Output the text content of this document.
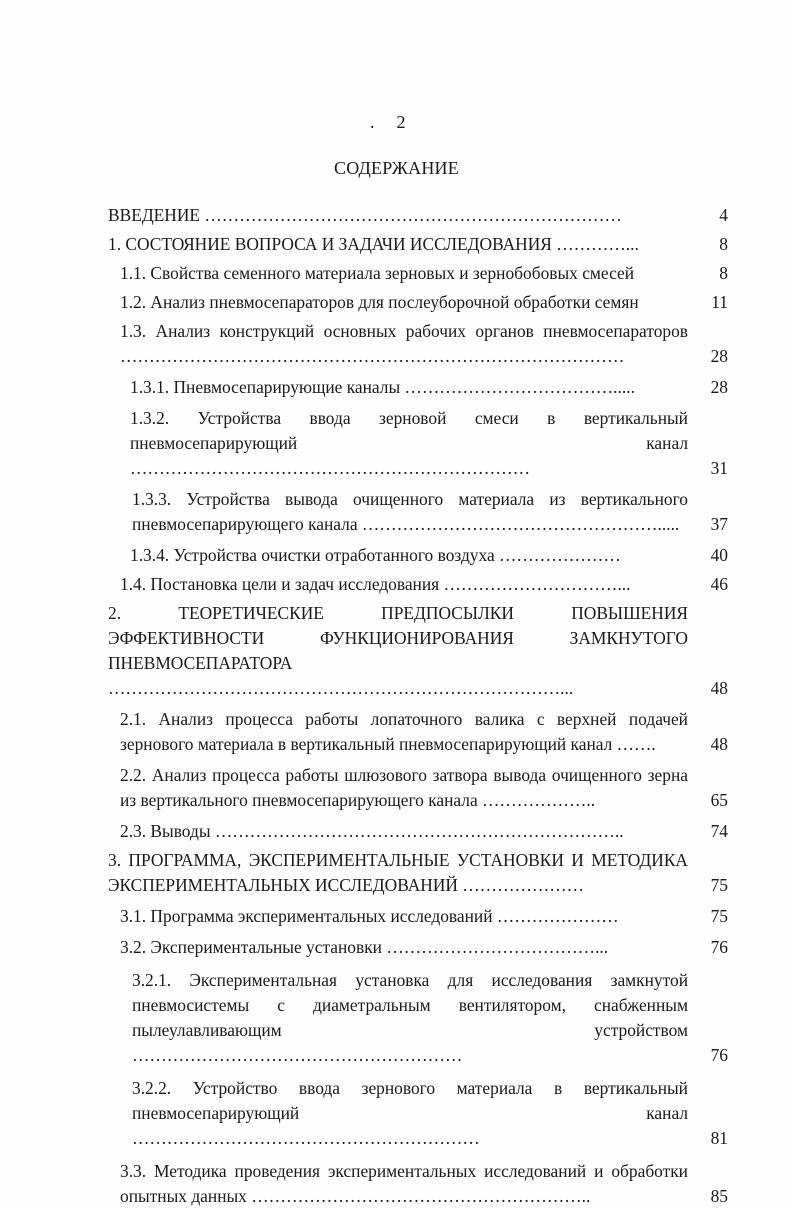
. 2
СОДЕРЖАНИЕ
ВВЕДЕНИЕ ………………………………………………………………	4
1. СОСТОЯНИЕ ВОПРОСА И ЗАДАЧИ ИССЛЕДОВАНИЯ …………...	8
1.1. Свойства семенного материала зерновых и зернобобовых смесей	8
1.2. Анализ пневмосепараторов для послеуборочной обработки семян	11
1.3. Анализ конструкций основных рабочих органов пневмосепараторов ……………………………………………………………………………	28
1.3.1. Пневмосепарирующие каналы ……………………………….....	28
1.3.2. Устройства ввода зерновой смеси в вертикальный пневмосепарирующий канал ……………………………………………………………	31
1.3.3. Устройства вывода очищенного материала из вертикального пневмосепарирующего канала …………………………………………….....	37
1.3.4. Устройства очистки отработанного воздуха …………………	40
1.4. Постановка цели и задач исследования …………………………...	46
2. ТЕОРЕТИЧЕСКИЕ ПРЕДПОСЫЛКИ ПОВЫШЕНИЯ ЭФФЕКТИВНОСТИ ФУНКЦИОНИРОВАНИЯ ЗАМКНУТОГО ПНЕВМОСЕПАРАТОРА ……………………………………………………………………...	48
2.1. Анализ процесса работы лопаточного валика с верхней подачей зернового материала в вертикальный пневмосепарирующий канал …….	48
2.2. Анализ процесса работы шлюзового затвора вывода очищенного зерна из вертикального пневмосепарирующего канала ………………..	65
2.3. Выводы ……………………………………………………………..	74
3. ПРОГРАММА, ЭКСПЕРИМЕНТАЛЬНЫЕ УСТАНОВКИ И МЕТОДИКА ЭКСПЕРИМЕНТАЛЬНЫХ ИССЛЕДОВАНИЙ …………………	75
3.1. Программа экспериментальных исследований …………………	75
3.2. Экспериментальные установки ………………………………...	76
3.2.1. Экспериментальная установка для исследования замкнутой пневмосистемы с диаметральным вентилятором, снабженным пылеулавливающим устройством …………………………………………………	76
3.2.2. Устройство ввода зернового материала в вертикальный пневмосепарирующий канал ……………………………………………………	81
3.3. Методика проведения экспериментальных исследований и обработки опытных данных …………………………………………………..	85
